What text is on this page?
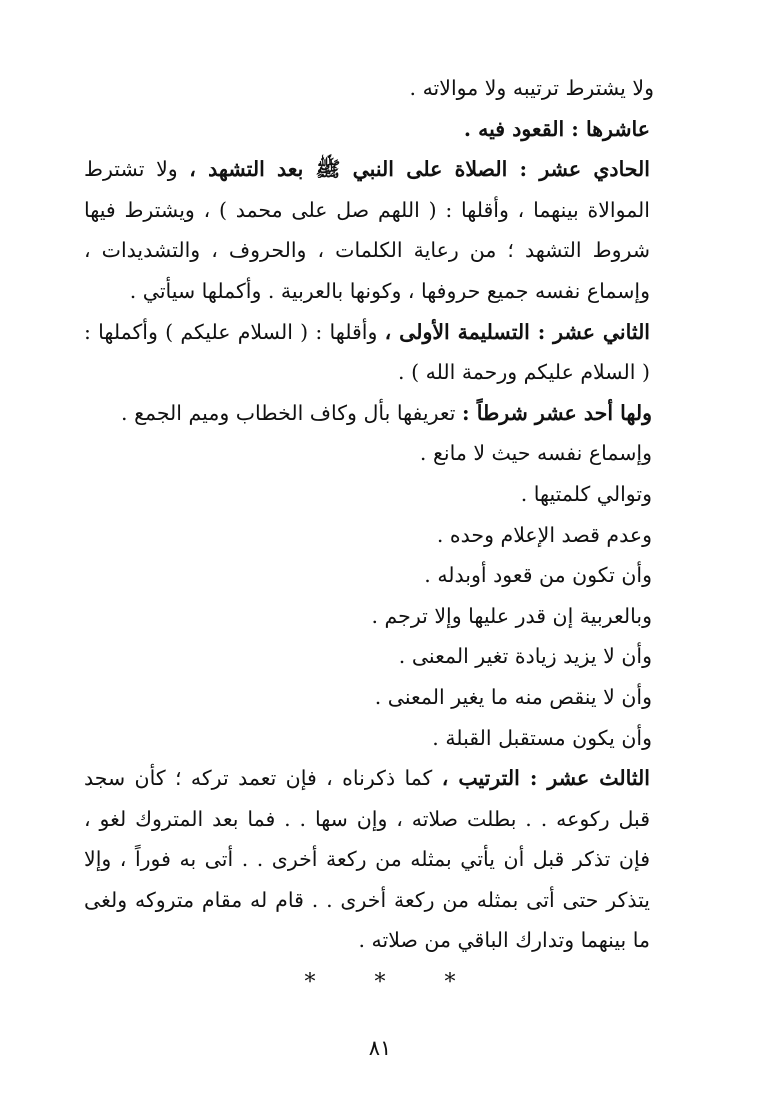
ولا يشترط ترتيبه ولا موالاته .

عاشرها : القعود فيه .

الحادي عشر : الصلاة على النبي ﷺ بعد التشهد ، ولا تشترط الموالاة بينهما ، وأقلها : ( اللهم صل على محمد ) ، ويشترط فيها شروط التشهد ؛ من رعاية الكلمات ، والحروف ، والتشديدات ، وإسماع نفسه جميع حروفها ، وكونها بالعربية . وأكملها سيأتي .

الثاني عشر : التسليمة الأولى ، وأقلها : ( السلام عليكم ) وأكملها : ( السلام عليكم ورحمة الله ) .

ولها أحد عشر شرطاً : تعريفها بأل وكاف الخطاب وميم الجمع .

وإسماع نفسه حيث لا مانع .

وتوالي كلمتيها .

وعدم قصد الإعلام وحده .

وأن تكون من قعود أوبدله .

وبالعربية إن قدر عليها وإلا ترجم .

وأن لا يزيد زيادة تغير المعنى .

وأن لا ينقص منه ما يغير المعنى .

وأن يكون مستقبل القبلة .

الثالث عشر : الترتيب ، كما ذكرناه ، فإن تعمد تركه ؛ كأن سجد قبل ركوعه . . بطلت صلاته ، وإن سها . . فما بعد المتروك لغو ، فإن تذكر قبل أن يأتي بمثله من ركعة أخرى . . أتى به فوراً ، وإلا يتذكر حتى أتى بمثله من ركعة أخرى . . قام له مقام متروكه ولغى ما بينهما وتدارك الباقي من صلاته .

* * *
٨١
